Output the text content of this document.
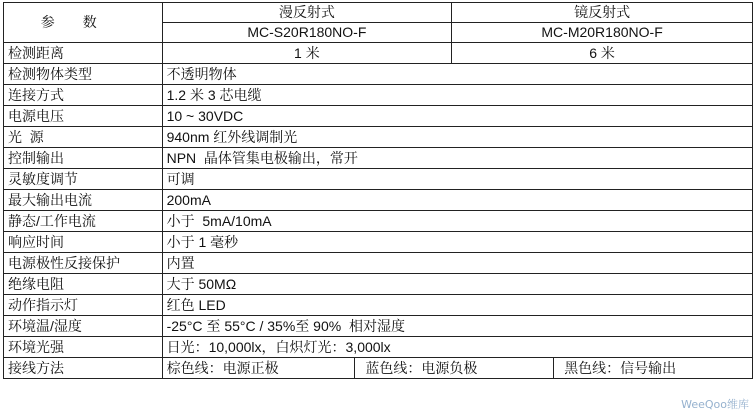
参数	漫反射式	镜反射式
	MC-S20R180NO-F	MC-M20R180NO-F
检测距离	1 米	6 米
检测物体类型	不透明物体	
连接方式	1.2 米 3 芯电缆	
电源电压	10 ~ 30VDC	
光  源	940nm 红外线调制光	
控制输出	NPN  晶体管集电极输出，常开	
灵敏度调节	可调	
最大输出电流	200mA	
静态/工作电流	小于  5mA/10mA	
响应时间	小于 1 毫秒	
电源极性反接保护	内置	
绝缘电阻	大于 50MΩ	
动作指示灯	红色 LED	
环境温/湿度	-25°C 至 55°C / 35%至 90%  相对湿度	
环境光强	日光：10,000lx，白炽灯光：3,000lx	
接线方法	棕色线：电源正极 蓝色线：电源负极 黑色线：信号输出	
WeeQoo维库
